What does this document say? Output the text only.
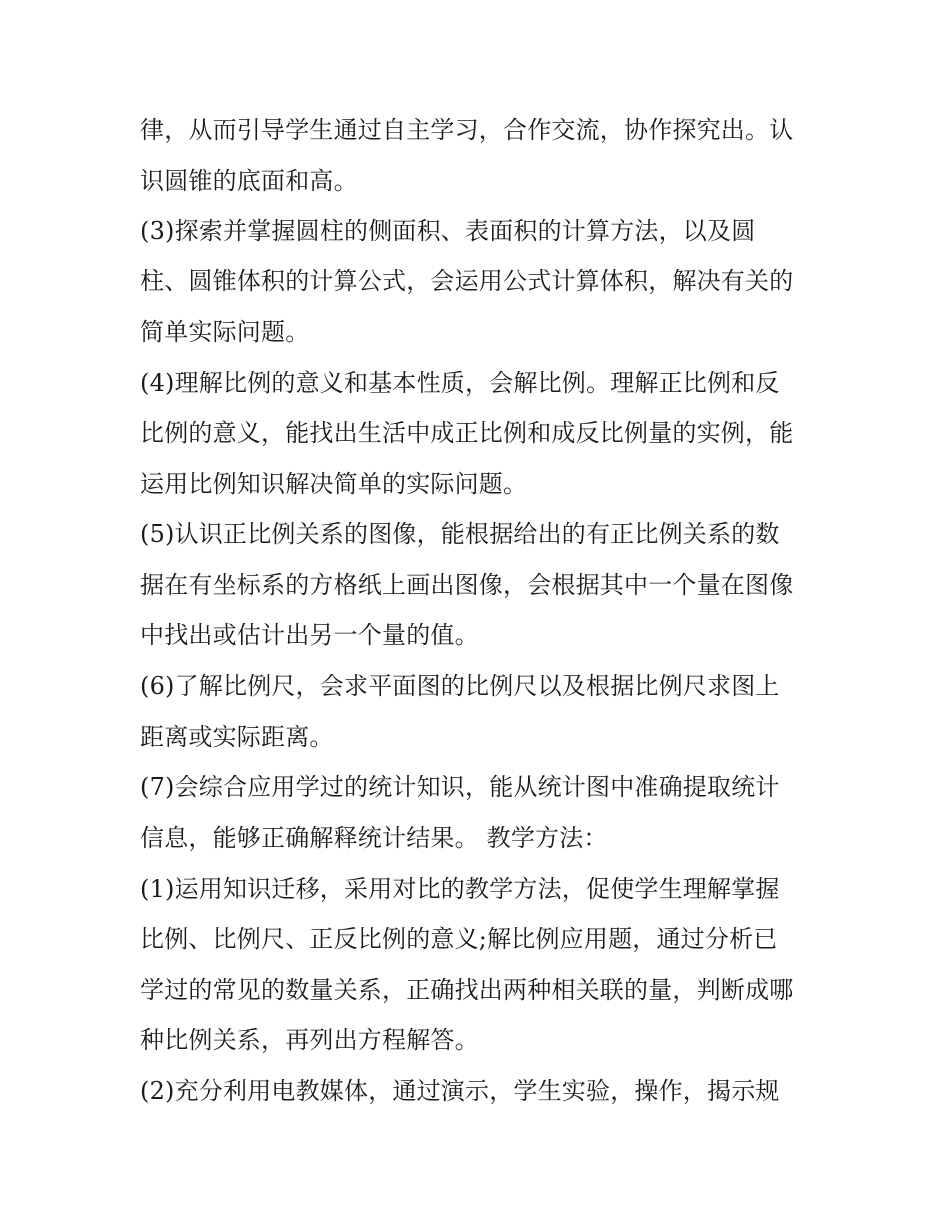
律，从而引导学生通过自主学习，合作交流，协作探究出。认

识圆锥的底面和高。

(3)探索并掌握圆柱的侧面积、表面积的计算方法，以及圆

柱、圆锥体积的计算公式，会运用公式计算体积，解决有关的

简单实际问题。

(4)理解比例的意义和基本性质，会解比例。理解正比例和反

比例的意义，能找出生活中成正比例和成反比例量的实例，能

运用比例知识解决简单的实际问题。

(5)认识正比例关系的图像，能根据给出的有正比例关系的数

据在有坐标系的方格纸上画出图像，会根据其中一个量在图像

中找出或估计出另一个量的值。

(6)了解比例尺，会求平面图的比例尺以及根据比例尺求图上

距离或实际距离。

(7)会综合应用学过的统计知识，能从统计图中准确提取统计

信息，能够正确解释统计结果。 教学方法：

(1)运用知识迁移，采用对比的教学方法，促使学生理解掌握

比例、比例尺、正反比例的意义;解比例应用题，通过分析已

学过的常见的数量关系，正确找出两种相关联的量，判断成哪

种比例关系，再列出方程解答。

(2)充分利用电教媒体，通过演示，学生实验，操作，揭示规
